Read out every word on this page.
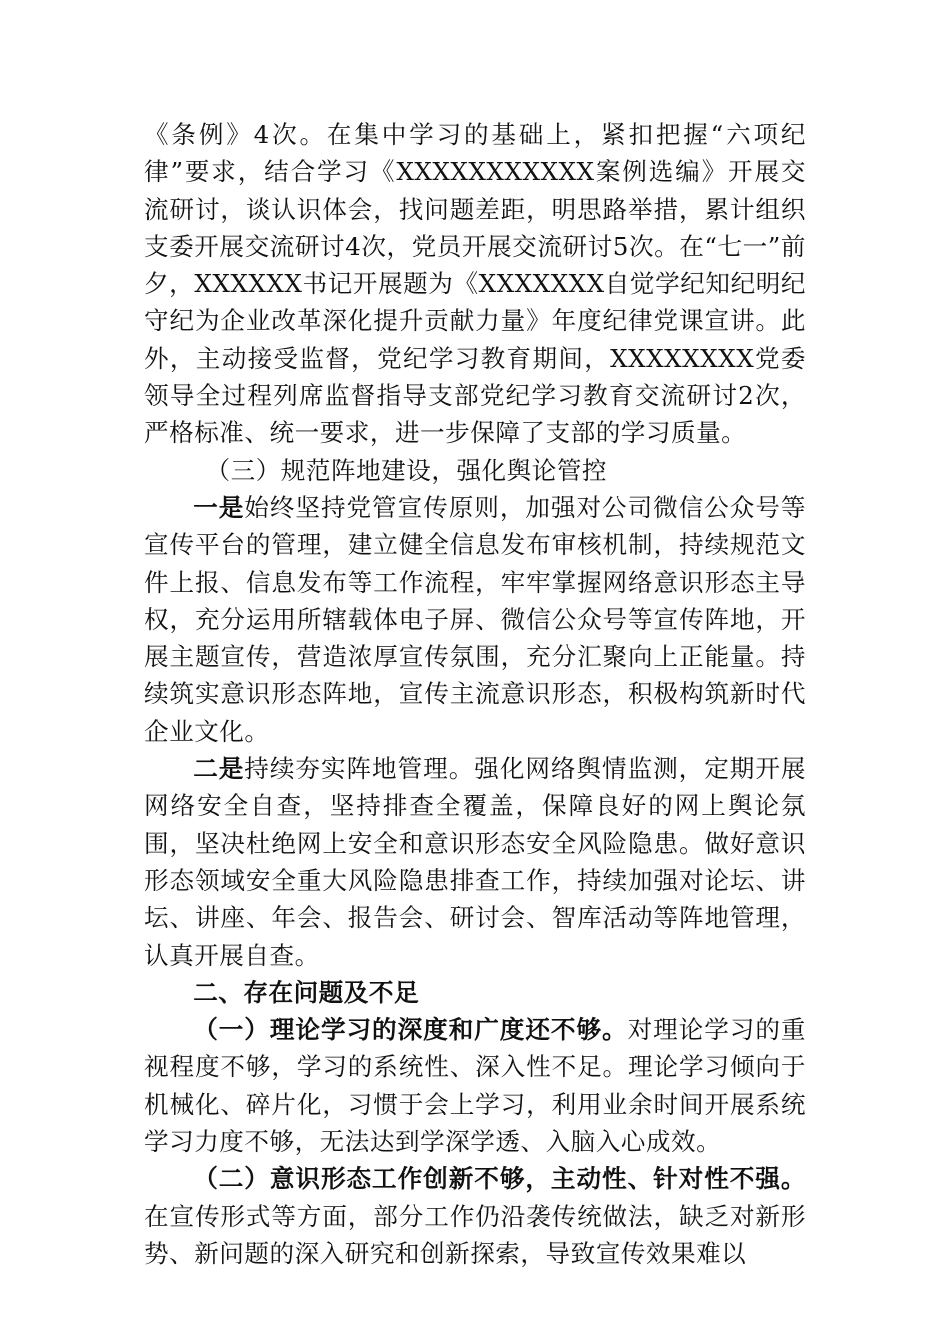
《条例》4次。在集中学习的基础上，紧扣把握“六项纪律”要求，结合学习《XXXXXXXXXXX案例选编》开展交流研讨，谈认识体会，找问题差距，明思路举措，累计组织支委开展交流研讨4次，党员开展交流研讨5次。在“七一”前夕，XXXXXX书记开展题为《XXXXXXX自觉学纪知纪明纪守纪为企业改革深化提升贡献力量》年度纪律党课宣讲。此外，主动接受监督，党纪学习教育期间，XXXXXXXX党委领导全过程列席监督指导支部党纪学习教育交流研讨2次，严格标准、统一要求，进一步保障了支部的学习质量。

（三）规范阵地建设，强化舆论管控

一是始终坚持党管宣传原则，加强对公司微信公众号等宣传平台的管理，建立健全信息发布审核机制，持续规范文件上报、信息发布等工作流程，牢牢掌握网络意识形态主导权，充分运用所辖载体电子屏、微信公众号等宣传阵地，开展主题宣传，营造浓厚宣传氛围，充分汇聚向上正能量。持续筑实意识形态阵地，宣传主流意识形态，积极构筑新时代企业文化。

二是持续夯实阵地管理。强化网络舆情监测，定期开展网络安全自查，坚持排查全覆盖，保障良好的网上舆论氛围，坚决杜绝网上安全和意识形态安全风险隐患。做好意识形态领域安全重大风险隐患排查工作，持续加强对论坛、讲坛、讲座、年会、报告会、研讨会、智库活动等阵地管理，认真开展自查。

二、存在问题及不足

（一）理论学习的深度和广度还不够。对理论学习的重视程度不够，学习的系统性、深入性不足。理论学习倾向于机械化、碎片化，习惯于会上学习，利用业余时间开展系统学习力度不够，无法达到学深学透、入脑入心成效。

（二）意识形态工作创新不够，主动性、针对性不强。在宣传形式等方面，部分工作仍沿袭传统做法，缺乏对新形势、新问题的深入研究和创新探索，导致宣传效果难以
